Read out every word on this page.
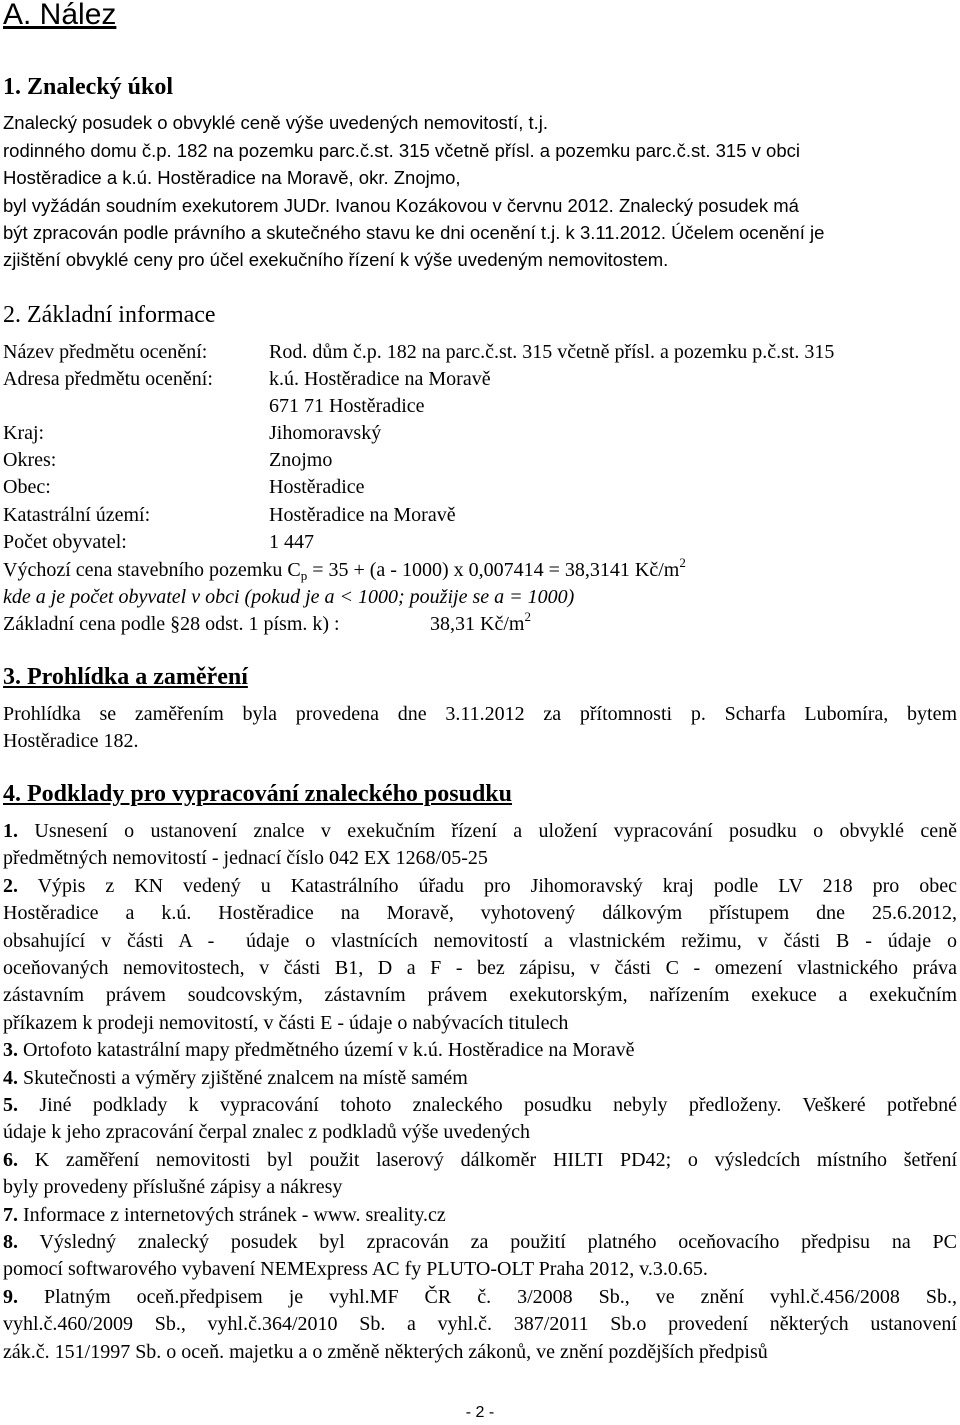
A. Nález
1. Znalecký úkol
Znalecký posudek o obvyklé ceně výše uvedených nemovitostí, t.j.
rodinného domu č.p. 182 na pozemku parc.č.st. 315 včetně přísl. a pozemku parc.č.st. 315 v obci
Hostěradice a k.ú. Hostěradice na Moravě, okr. Znojmo,
byl vyžádán soudním exekutorem JUDr. Ivanou Kozákovou v červnu 2012. Znalecký posudek má
být zpracován podle právního a skutečného stavu ke dni ocenění t.j. k 3.11.2012. Účelem ocenění je
zjištění obvyklé ceny pro účel exekučního řízení k výše uvedeným nemovitostem.
2. Základní informace
Název předmětu ocenění:	Rod. dům č.p. 182 na parc.č.st. 315 včetně přísl. a pozemku p.č.st. 315
Adresa předmětu ocenění:	k.ú. Hostěradice na Moravě
671 71 Hostěradice
Kraj:	Jihomoravský
Okres:	Znojmo
Obec:	Hostěradice
Katastrální území:	Hostěradice na Moravě
Počet obyvatel:	1 447
Výchozí cena stavebního pozemku $C_p = 35 + (a - 1000)$ x 0,007414 = 38,3141 $Kč/m^2$
kde a je počet obyvatel v obci (pokud je a < 1000; použije se a = 1000)
Základní cena podle §28 odst. 1 písm. k) :	38,31 $Kč/m^2$
3. Prohlídka a zaměření
Prohlídka se zaměřením byla provedena dne 3.11.2012 za přítomnosti p. Scharfa Lubomíra, bytem
Hostěradice 182.
4. Podklady pro vypracování znaleckého posudku
1. Usnesení o ustanovení znalce v exekučním řízení a uložení vypracování posudku o obvyklé ceně
předmětných nemovitostí - jednací číslo 042 EX 1268/05-25
2. Výpis z KN vedený u Katastrálního úřadu pro Jihomoravský kraj podle LV 218 pro obec
Hostěradice a k.ú. Hostěradice na Moravě, vyhotovený dálkovým přístupem dne 25.6.2012,
obsahující v části A -  údaje o vlastnících nemovitostí a vlastnickém režimu, v části B - údaje o
oceňovaných nemovitostech, v části B1, D a F - bez zápisu, v části C - omezení vlastnického práva
zástavním právem soudcovským, zástavním právem exekutorským, nařízením exekuce a exekučním
příkazem k prodeji nemovitostí, v části E - údaje o nabývacích titulech
3. Ortofoto katastrální mapy předmětného území v k.ú. Hostěradice na Moravě
4. Skutečnosti a výměry zjištěné znalcem na místě samém
5. Jiné podklady k vypracování tohoto znaleckého posudku nebyly předloženy. Veškeré potřebné
údaje k jeho zpracování čerpal znalec z podkladů výše uvedených
6. K zaměření nemovitosti byl použit laserový dálkoměr HILTI PD42; o výsledcích místního šetření
byly provedeny příslušné zápisy a nákresy
7. Informace z internetových stránek - www. sreality.cz
8. Výsledný znalecký posudek byl zpracován za použití platného oceňovacího předpisu na PC
pomocí softwarového vybavení NEMExpress AC fy PLUTO-OLT Praha 2012, v.3.0.65.
9. Platným oceň.předpisem je vyhl.MF ČR č. 3/2008 Sb., ve znění vyhl.č.456/2008 Sb.,
vyhl.č.460/2009 Sb., vyhl.č.364/2010 Sb. a vyhl.č. 387/2011 Sb.o provedení některých ustanovení
zák.č. 151/1997 Sb. o oceň. majetku a o změně některých zákonů, ve znění pozdějších předpisů
- 2 -
